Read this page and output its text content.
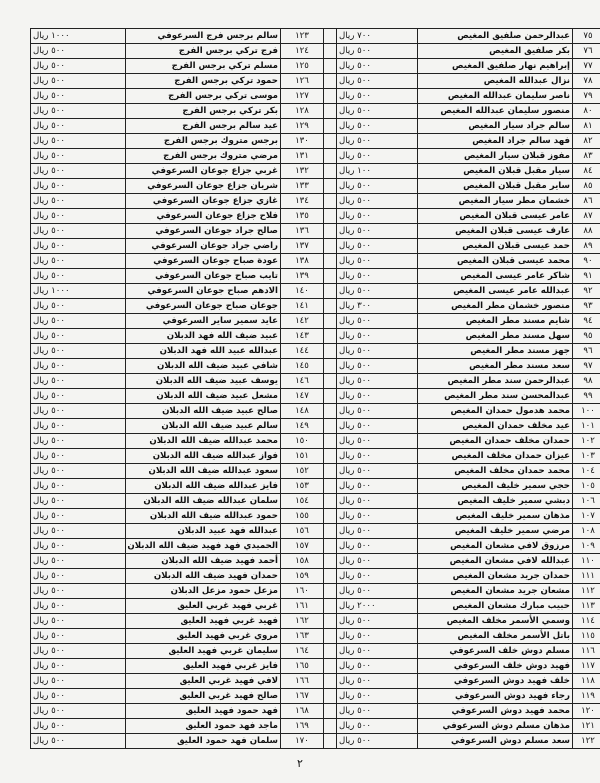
٧٥	عبدالرحمن صلفيق المغيص	٧٠٠ ريال		١٢٣	سالم برجس فرج السرعوفي	١٠٠٠ ريال
٧٦	بكر صلفيق المغيص	٥٠٠ ريال		١٢٤	فرج تركي برجس الفرج	٥٠٠ ريال
٧٧	إبراهيم نهار صلفيق المغيص	٥٠٠ ريال		١٢٥	مسلم تركي برجس الفرج	٥٠٠ ريال
٧٨	نزال عبدالله المغيص	٥٠٠ ريال		١٢٦	حمود تركي برجس الفرج	٥٠٠ ريال
٧٩	ناصر سليمان عبدالله المغيص	٥٠٠ ريال		١٢٧	موسى تركي برجس الفرج	٥٠٠ ريال
٨٠	منصور سليمان عبدالله المغيص	٥٠٠ ريال		١٢٨	بكر تركي برجس الفرج	٥٠٠ ريال
٨١	سالم جراد سيار المغيص	٥٠٠ ريال		١٢٩	عيد سالم برجس الفرج	٥٠٠ ريال
٨٢	فهد سالم جراد المغيص	٥٠٠ ريال		١٣٠	برجس متروك برجس الفرج	٥٠٠ ريال
٨٣	مفوز قبلان سيار المغيص	٥٠٠ ريال		١٣١	مرضي متروك برجس الفرج	٥٠٠ ريال
٨٤	سيار مقبل قبلان المغيص	١٠٠ ريال		١٣٢	غربي جزاع جوعان السرعوفي	٥٠٠ ريال
٨٥	ساير مقبل قبلان المغيص	٥٠٠ ريال		١٣٣	شريان جزاع جوعان السرعوفي	٥٠٠ ريال
٨٦	خشمان مطر سيار المغيص	٥٠٠ ريال		١٣٤	غازي جزاع جوعان السرعوفي	٥٠٠ ريال
٨٧	عامر عيسى قبلان المغيص	٥٠٠ ريال		١٣٥	فلاح جزاع جوعان السرعوفي	٥٠٠ ريال
٨٨	عارف عيسى قبلان المغيص	٥٠٠ ريال		١٣٦	صالح جراد جوعان السرعوفي	٥٠٠ ريال
٨٩	حمد عيسى قبلان المغيص	٥٠٠ ريال		١٣٧	راضي جراد جوعان السرعوفي	٥٠٠ ريال
٩٠	محمد عيسى قبلان المغيص	٥٠٠ ريال		١٣٨	عودة صباح جوعان السرعوفي	٥٠٠ ريال
٩١	شاكر عامر عيسى المغيص	٥٠٠ ريال		١٣٩	تايب صباح جوعان السرعوفي	٥٠٠ ريال
٩٢	عبدالله عامر عيسى المغيص	٥٠٠ ريال		١٤٠	الادهم صباح جوعان السرعوفي	١٠٠٠ ريال
٩٣	منصور خشمان مطر المغيص	٣٠٠ ريال		١٤١	جوعان صباح جوعان السرعوفي	٥٠٠ ريال
٩٤	شايم مسند مطر المغيص	٥٠٠ ريال		١٤٢	عايد سمير ساير السرعوفي	٥٠٠ ريال
٩٥	سهل مسند مطر المغيص	٥٠٠ ريال		١٤٣	عبيد ضيف الله فهد الدبلان	٥٠٠ ريال
٩٦	جهز مسند مطر المغيص	٥٠٠ ريال		١٤٤	عبدالله عبيد الله فهد الدبلان	٥٠٠ ريال
٩٧	سعد مسند مطر المغيص	٥٠٠ ريال		١٤٥	شافي عبيد ضيف الله الدبلان	٥٠٠ ريال
٩٨	عبدالرحمن سند مطر المغيص	٥٠٠ ريال		١٤٦	يوسف عبيد ضيف الله الدبلان	٥٠٠ ريال
٩٩	عبدالمحسن سند مطر المغيص	٥٠٠ ريال		١٤٧	مشعل عبيد ضيف الله الدبلان	٥٠٠ ريال
١٠٠	محمد هدمول حمدان المغيص	٥٠٠ ريال		١٤٨	صالح عبيد ضيف الله الدبلان	٥٠٠ ريال
١٠١	عيد مخلف حمدان المغيص	٥٠٠ ريال		١٤٩	سالم عبيد ضيف الله الدبلان	٥٠٠ ريال
١٠٢	حمدان مخلف حمدان المغيص	٥٠٠ ريال		١٥٠	محمد عبدالله ضيف الله الدبلان	٥٠٠ ريال
١٠٣	عيزان حمدان مخلف المغيص	٥٠٠ ريال		١٥١	فواز عبدالله ضيف الله الدبلان	٥٠٠ ريال
١٠٤	محمد حمدان مخلف المغيص	٥٠٠ ريال		١٥٢	سعود عبدالله ضيف الله الدبلان	٥٠٠ ريال
١٠٥	حجي سمير خليف المغيص	٥٠٠ ريال		١٥٣	فايز عبدالله ضيف الله الدبلان	٥٠٠ ريال
١٠٦	دبشي سمير خليف المغيص	٥٠٠ ريال		١٥٤	سلمان عبدالله ضيف الله الدبلان	٥٠٠ ريال
١٠٧	مذهان سمير خليف المغيص	٥٠٠ ريال		١٥٥	حمود عبدالله ضيف الله الدبلان	٥٠٠ ريال
١٠٨	مرضي سمير خليف المغيص	٥٠٠ ريال		١٥٦	عبدالله فهد عبيد الدبلان	٥٠٠ ريال
١٠٩	مرزوق لافي مشعان المغيص	٥٠٠ ريال		١٥٧	الحميدي فهد فهيد ضيف الله الدبلان	٥٠٠ ريال
١١٠	عبدالله لافي مشعان المغيص	٥٠٠ ريال		١٥٨	أحمد فهيد ضيف الله الدبلان	٥٠٠ ريال
١١١	حمدان جريد مشعان المغيص	٥٠٠ ريال		١٥٩	حمدان فهيد ضيف الله الدبلان	٥٠٠ ريال
١١٢	مشعان جريد مشعان المغيص	٥٠٠ ريال		١٦٠	مزعل حمود مزعل الدبلان	٥٠٠ ريال
١١٣	حبيب مبارك مشعان المغيص	٢٠٠٠ ريال		١٦١	غربي فهيد غربي العليق	٥٠٠ ريال
١١٤	وسمي الأسمر مخلف المغيص	٥٠٠ ريال		١٦٢	فهيد غربي فهيد العليق	٥٠٠ ريال
١١٥	باتل الأسمر مخلف المغيص	٥٠٠ ريال		١٦٣	مروي غربي فهيد العليق	٥٠٠ ريال
١١٦	مسلم دوش خلف السرعوفي	٥٠٠ ريال		١٦٤	سليمان غربي فهيد العليق	٥٠٠ ريال
١١٧	فهيد دوش خلف السرعوفي	٥٠٠ ريال		١٦٥	فايز غربي فهيد العليق	٥٠٠ ريال
١١٨	خلف فهيد دوش السرعوفي	٥٠٠ ريال		١٦٦	لافي فهيد غربي العليق	٥٠٠ ريال
١١٩	رجاء فهيد دوش السرعوفي	٥٠٠ ريال		١٦٧	صالح فهيد غربي العليق	٥٠٠ ريال
١٢٠	محمد فهيد دوش السرعوفي	٥٠٠ ريال		١٦٨	فهد حمود فهيد العليق	٥٠٠ ريال
١٢١	مذهان مسلم دوش السرعوفي	٥٠٠ ريال		١٦٩	ماجد فهد حمود العليق	٥٠٠ ريال
١٢٢	سعد مسلم دوش السرعوفي	٥٠٠ ريال		١٧٠	سلمان فهد حمود العليق	٥٠٠ ريال
٢
